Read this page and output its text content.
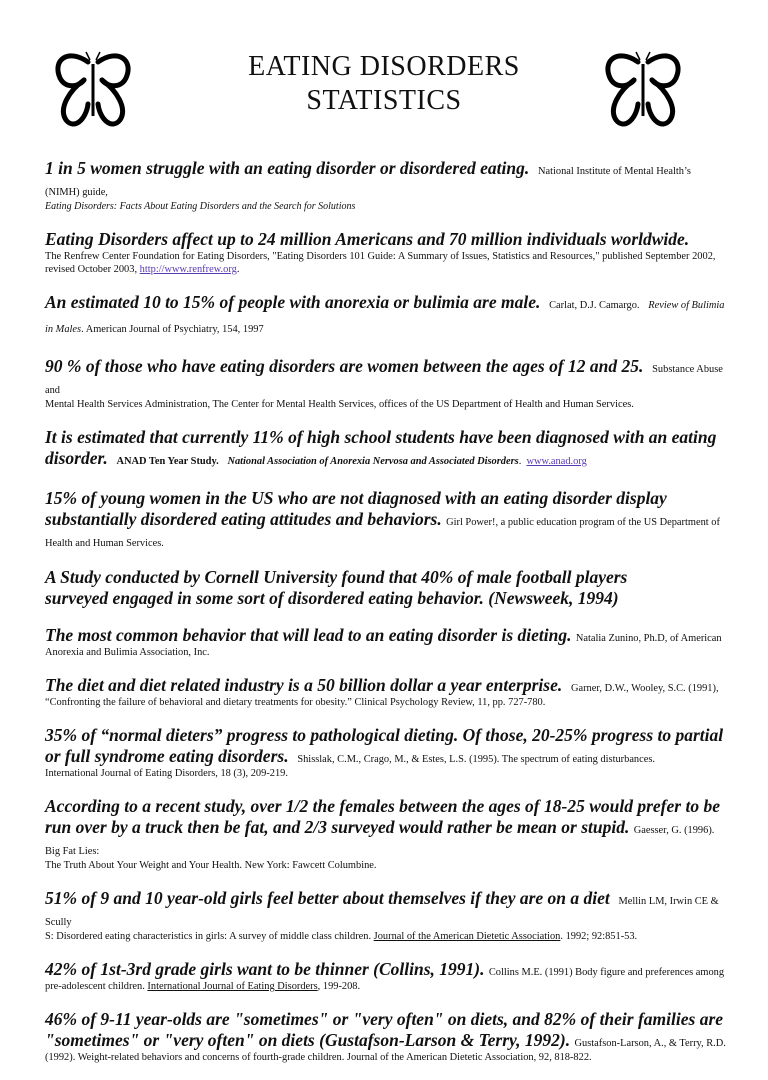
EATING DISORDERS
STATISTICS

1 in 5 women struggle with an eating disorder or disordered eating. National Institute of Mental Health’s (NIMH) guide,

Eating Disorders: Facts About Eating Disorders and the Search for Solutions

Eating Disorders affect up to 24 million Americans and 70 million individuals worldwide.

The Renfrew Center Foundation for Eating Disorders, "Eating Disorders 101 Guide: A Summary of Issues, Statistics and Resources," published September 2002, revised October 2003, http://www.renfrew.org.

An estimated 10 to 15% of people with anorexia or bulimia are male. Carlat, D.J. Camargo. Review of Bulimia in Males. American Journal of Psychiatry, 154, 1997

90 % of those who have eating disorders are women between the ages of 12 and 25. Substance Abuse and

Mental Health Services Administration, The Center for Mental Health Services, offices of the US Department of Health and Human Services.

It is estimated that currently 11% of high school students have been diagnosed with an eating disorder. ANAD Ten Year Study. National Association of Anorexia Nervosa and Associated Disorders.  www.anad.org

15% of young women in the US who are not diagnosed with an eating disorder display substantially disordered eating attitudes and behaviors. Girl Power!, a public education program of the US Department of Health and Human Services.

A Study conducted by Cornell University found that 40% of male football players

surveyed engaged in some sort of disordered eating behavior. (Newsweek, 1994)

The most common behavior that will lead to an eating disorder is dieting. Natalia Zunino, Ph.D, of American

Anorexia and Bulimia Association, Inc.

The diet and diet related industry is a 50 billion dollar a year enterprise. Garner, D.W., Wooley, S.C. (1991),

“Confronting the failure of behavioral and dietary treatments for obesity.” Clinical Psychology Review, 11, pp. 727-780.

35% of “normal dieters” progress to pathological dieting. Of those, 20-25% progress to partial or full syndrome eating disorders. Shisslak, C.M., Crago, M., & Estes, L.S. (1995). The spectrum of eating disturbances.

International Journal of Eating Disorders, 18 (3), 209-219.

According to a recent study, over 1/2 the females between the ages of 18-25 would prefer to be run over by a truck then be fat, and 2/3 surveyed would rather be mean or stupid. Gaesser, G. (1996). Big Fat Lies:

The Truth About Your Weight and Your Health. New York: Fawcett Columbine.

51% of 9 and 10 year-old girls feel better about themselves if they are on a diet Mellin LM, Irwin CE & Scully

S: Disordered eating characteristics in girls: A survey of middle class children. Journal of the American Dietetic Association. 1992; 92:851-53.

42% of 1st-3rd grade girls want to be thinner (Collins, 1991). Collins M.E. (1991) Body figure and preferences among

pre-adolescent children. International Journal of Eating Disorders, 199-208.

46% of 9-11 year-olds are "sometimes" or "very often" on diets, and 82% of their families are "sometimes" or "very often" on diets (Gustafson-Larson & Terry, 1992). Gustafson-Larson, A., & Terry, R.D.

(1992). Weight-related behaviors and concerns of fourth-grade children. Journal of the American Dietetic Association, 92, 818-822.
